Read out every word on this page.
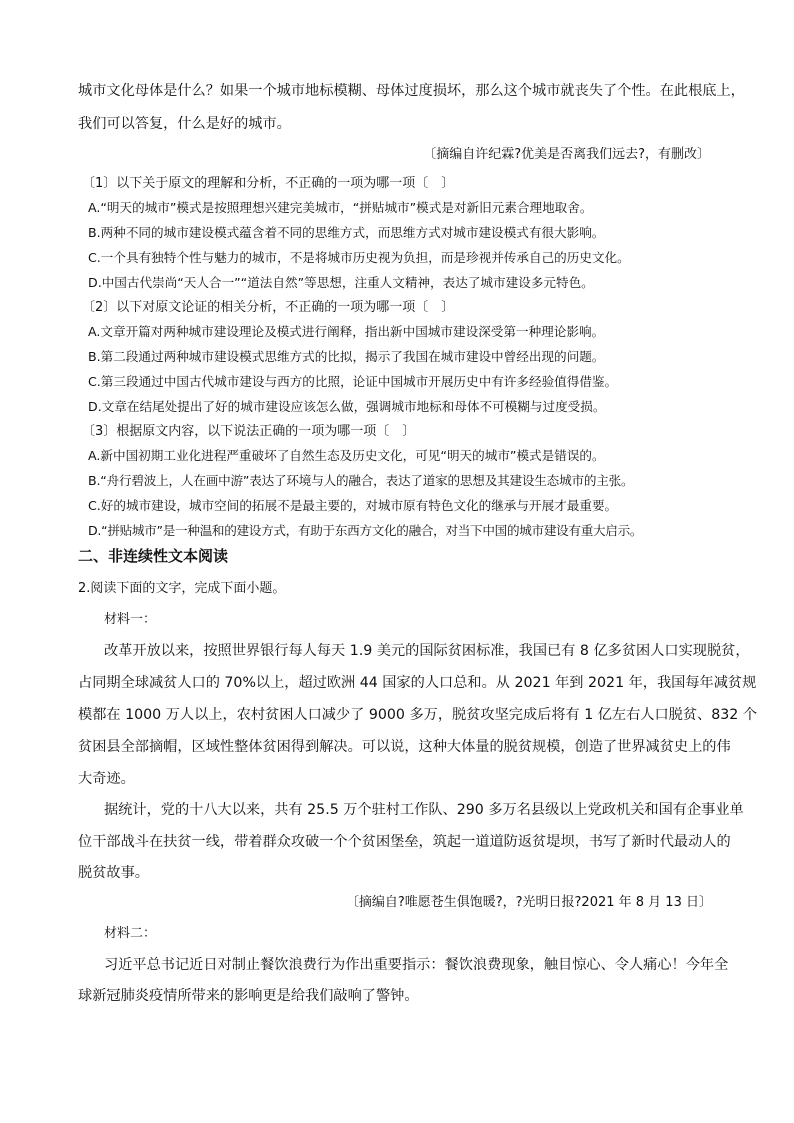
城市文化母体是什么？如果一个城市地标模糊、母体过度损坏，那么这个城市就丧失了个性。在此根底上，
我们可以答复，什么是好的城市。
〔摘编自许纪霖?优美是否离我们远去?，有删改〕
〔1〕以下关于原文的理解和分析，不正确的一项为哪一项〔　〕
A.“明天的城市”模式是按照理想兴建完美城市，“拼贴城市”模式是对新旧元素合理地取舍。
B.两种不同的城市建设模式蕴含着不同的思维方式，而思维方式对城市建设模式有很大影响。
C.一个具有独特个性与魅力的城市，不是将城市历史视为负担，而是珍视并传承自己的历史文化。
D.中国古代崇尚“天人合一”“道法自然”等思想，注重人文精神，表达了城市建设多元特色。
〔2〕以下对原文论证的相关分析，不正确的一项为哪一项〔　〕
A.文章开篇对两种城市建设理论及模式进行阐释，指出新中国城市建设深受第一种理论影响。
B.第二段通过两种城市建设模式思维方式的比拟，揭示了我国在城市建设中曾经出现的问题。
C.第三段通过中国古代城市建设与西方的比照，论证中国城市开展历史中有许多经验值得借鉴。
D.文章在结尾处提出了好的城市建设应该怎么做，强调城市地标和母体不可模糊与过度受损。
〔3〕根据原文内容，以下说法正确的一项为哪一项〔　〕
A.新中国初期工业化进程严重破坏了自然生态及历史文化，可见“明天的城市”模式是错误的。
B.“舟行碧波上，人在画中游”表达了环境与人的融合，表达了道家的思想及其建设生态城市的主张。
C.好的城市建设，城市空间的拓展不是最主要的，对城市原有特色文化的继承与开展才最重要。
D.“拼贴城市”是一种温和的建设方式，有助于东西方文化的融合，对当下中国的城市建设有重大启示。
二、非连续性文本阅读
2.阅读下面的文字，完成下面小题。
材料一：
改革开放以来，按照世界银行每人每天 1.9 美元的国际贫困标准，我国已有 8 亿多贫困人口实现脱贫，
占同期全球减贫人口的 70%以上，超过欧洲 44 国家的人口总和。从 2021 年到 2021 年，我国每年减贫规
模都在 1000 万人以上，农村贫困人口减少了 9000 多万，脱贫攻坚完成后将有 1 亿左右人口脱贫、832 个
贫困县全部摘帽，区域性整体贫困得到解决。可以说，这种大体量的脱贫规模，创造了世界减贫史上的伟
大奇迹。
据统计，党的十八大以来，共有 25.5 万个驻村工作队、290 多万名县级以上党政机关和国有企事业单
位干部战斗在扶贫一线，带着群众攻破一个个贫困堡垒，筑起一道道防返贫堤坝，书写了新时代最动人的
脱贫故事。
〔摘编自?唯愿苍生俱饱暖?，?光明日报?2021 年 8 月 13 日〕
材料二：
习近平总书记近日对制止餐饮浪费行为作出重要指示：餐饮浪费现象，触目惊心、令人痛心！今年全
球新冠肺炎疫情所带来的影响更是给我们敲响了警钟。
